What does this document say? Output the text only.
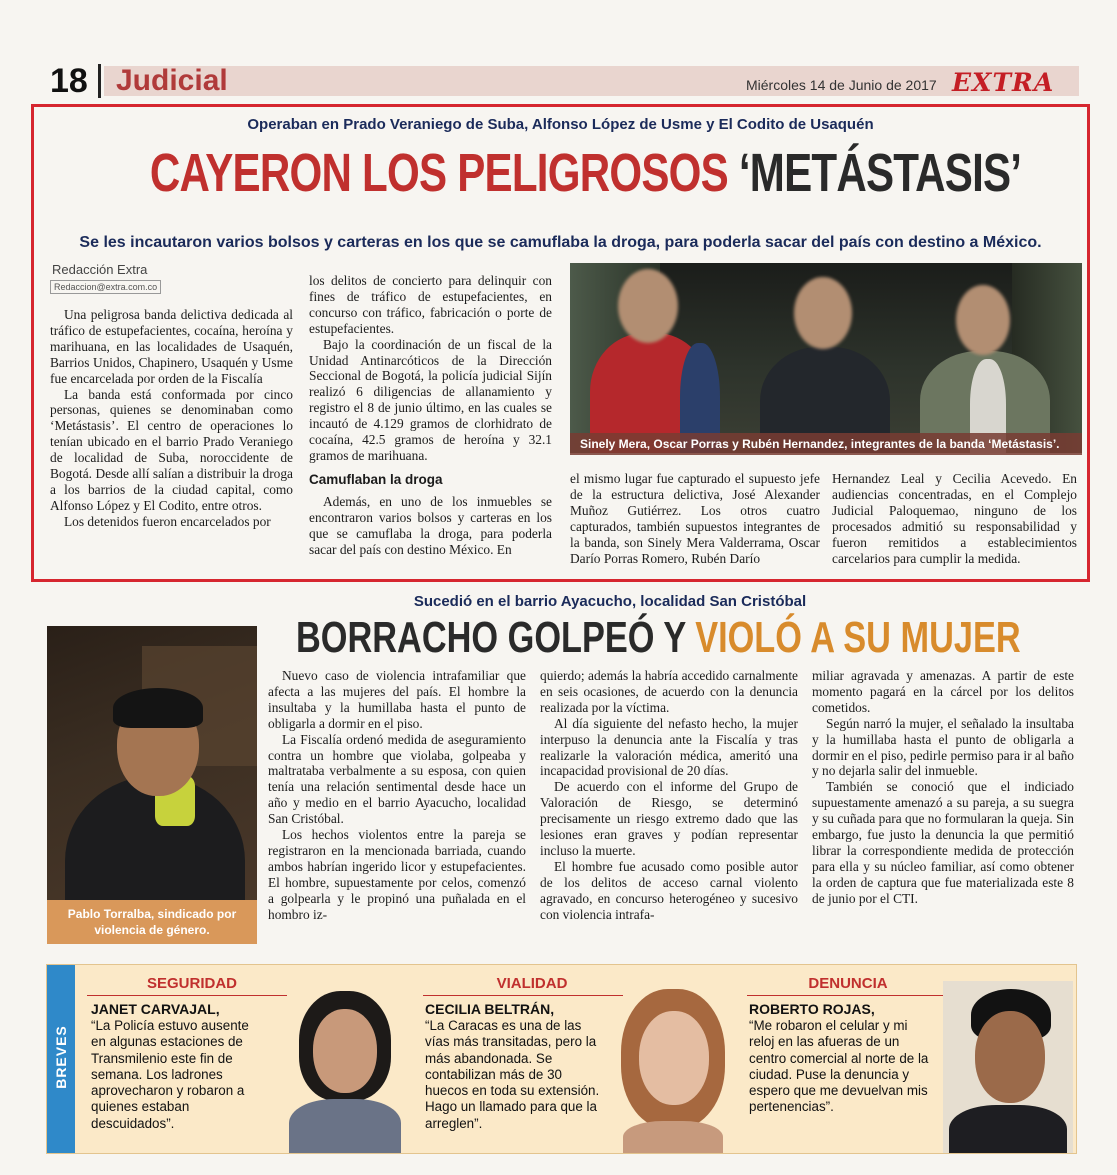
18 Judicial	Miércoles 14 de Junio de 2017 EXTRA
Operaban en Prado Veraniego de Suba, Alfonso López de Usme y El Codito de Usaquén
CAYERON LOS PELIGROSOS ‘METÁSTASIS’
Se les incautaron varios bolsos y carteras en los que se camuflaba la droga, para poderla sacar del país con destino a México.
Redacción Extra
Redaccion@extra.com.co

Una peligrosa banda delictiva dedicada al tráfico de estupefacientes, cocaína, heroína y marihuana, en las localidades de Usaquén, Barrios Unidos, Chapinero, Usaquén y Usme fue encarcelada por orden de la Fiscalía

La banda está conformada por cinco personas, quienes se denominaban como ‘Metástasis’. El centro de operaciones lo tenían ubicado en el barrio Prado Veraniego de localidad de Suba, noroccidente de Bogotá. Desde allí salían a distribuir la droga a los barrios de la ciudad capital, como Alfonso López y El Codito, entre otros.

Los detenidos fueron encarcelados por

los delitos de concierto para delinquir con fines de tráfico de estupefacientes, en concurso con tráfico, fabricación o porte de estupefacientes.

Bajo la coordinación de un fiscal de la Unidad Antinarcóticos de la Dirección Seccional de Bogotá, la policía judicial Sijín realizó 6 diligencias de allanamiento y registro el 8 de junio último, en las cuales se incautó de 4.129 gramos de clorhidrato de cocaína, 42.5 gramos de heroína y 32.1 gramos de marihuana.

Camuflaban la droga

Además, en uno de los inmuebles se encontraron varios bolsos y carteras en los que se camuflaba la droga, para poderla sacar del país con destino México. En

Sinely Mera, Oscar Porras y Rubén Hernandez, integrantes de la banda ‘Metástasis’.

el mismo lugar fue capturado el supuesto jefe de la estructura delictiva, José Alexander Muñoz Gutiérrez. Los otros cuatro capturados, también supuestos integrantes de la banda, son Sinely Mera Valderrama, Oscar Darío Porras Romero, Rubén Darío

Hernandez Leal y Cecilia Acevedo. En audiencias concentradas, en el Complejo Judicial Paloquemao, ninguno de los procesados admitió su responsabilidad y fueron remitidos a establecimientos carcelarios para cumplir la medida.

Sucedió en el barrio Ayacucho, localidad San Cristóbal
BORRACHO GOLPEÓ Y VIOLÓ A SU MUJER
Pablo Torralba, sindicado por violencia de género.

Nuevo caso de violencia intrafamiliar que afecta a las mujeres del país. El hombre la insultaba y la humillaba hasta el punto de obligarla a dormir en el piso.

La Fiscalía ordenó medida de aseguramiento contra un hombre que violaba, golpeaba y maltrataba verbalmente a su esposa, con quien tenía una relación sentimental desde hace un año y medio en el barrio Ayacucho, localidad San Cristóbal.

Los hechos violentos entre la pareja se registraron en la mencionada barriada, cuando ambos habrían ingerido licor y estupefacientes. El hombre, supuestamente por celos, comenzó a golpearla y le propinó una puñalada en el hombro iz-

quierdo; además la habría accedido carnalmente en seis ocasiones, de acuerdo con la denuncia realizada por la víctima.

Al día siguiente del nefasto hecho, la mujer interpuso la denuncia ante la Fiscalía y tras realizarle la valoración médica, ameritó una incapacidad provisional de 20 días.

De acuerdo con el informe del Grupo de Valoración de Riesgo, se determinó precisamente un riesgo extremo dado que las lesiones eran graves y podían representar incluso la muerte.

El hombre fue acusado como posible autor de los delitos de acceso carnal violento agravado, en concurso heterogéneo y sucesivo con violencia intrafa-

miliar agravada y amenazas. A partir de este momento pagará en la cárcel por los delitos cometidos.

Según narró la mujer, el señalado la insultaba y la humillaba hasta el punto de obligarla a dormir en el piso, pedirle permiso para ir al baño y no dejarla salir del inmueble.

También se conoció que el indiciado supuestamente amenazó a su pareja, a su suegra y su cuñada para que no formularan la queja. Sin embargo, fue justo la denuncia la que permitió librar la correspondiente medida de protección para ella y su núcleo familiar, así como obtener la orden de captura que fue materializada este 8 de junio por el CTI.

BREVES
SEGURIDAD
JANET CARVAJAL,
“La Policía estuvo ausente en algunas estaciones de Transmilenio este fin de semana. Los ladrones aprovecharon y robaron a quienes estaban descuidados”.
VIALIDAD
CECILIA BELTRÁN,
“La Caracas es una de las vías más transitadas, pero la más abandonada. Se contabilizan más de 30 huecos en toda su extensión. Hago un llamado para que la arreglen”.
DENUNCIA
ROBERTO ROJAS,
“Me robaron el celular y mi reloj en las afueras de un centro comercial al norte de la ciudad. Puse la denuncia y espero que me devuelvan mis pertenencias”.
